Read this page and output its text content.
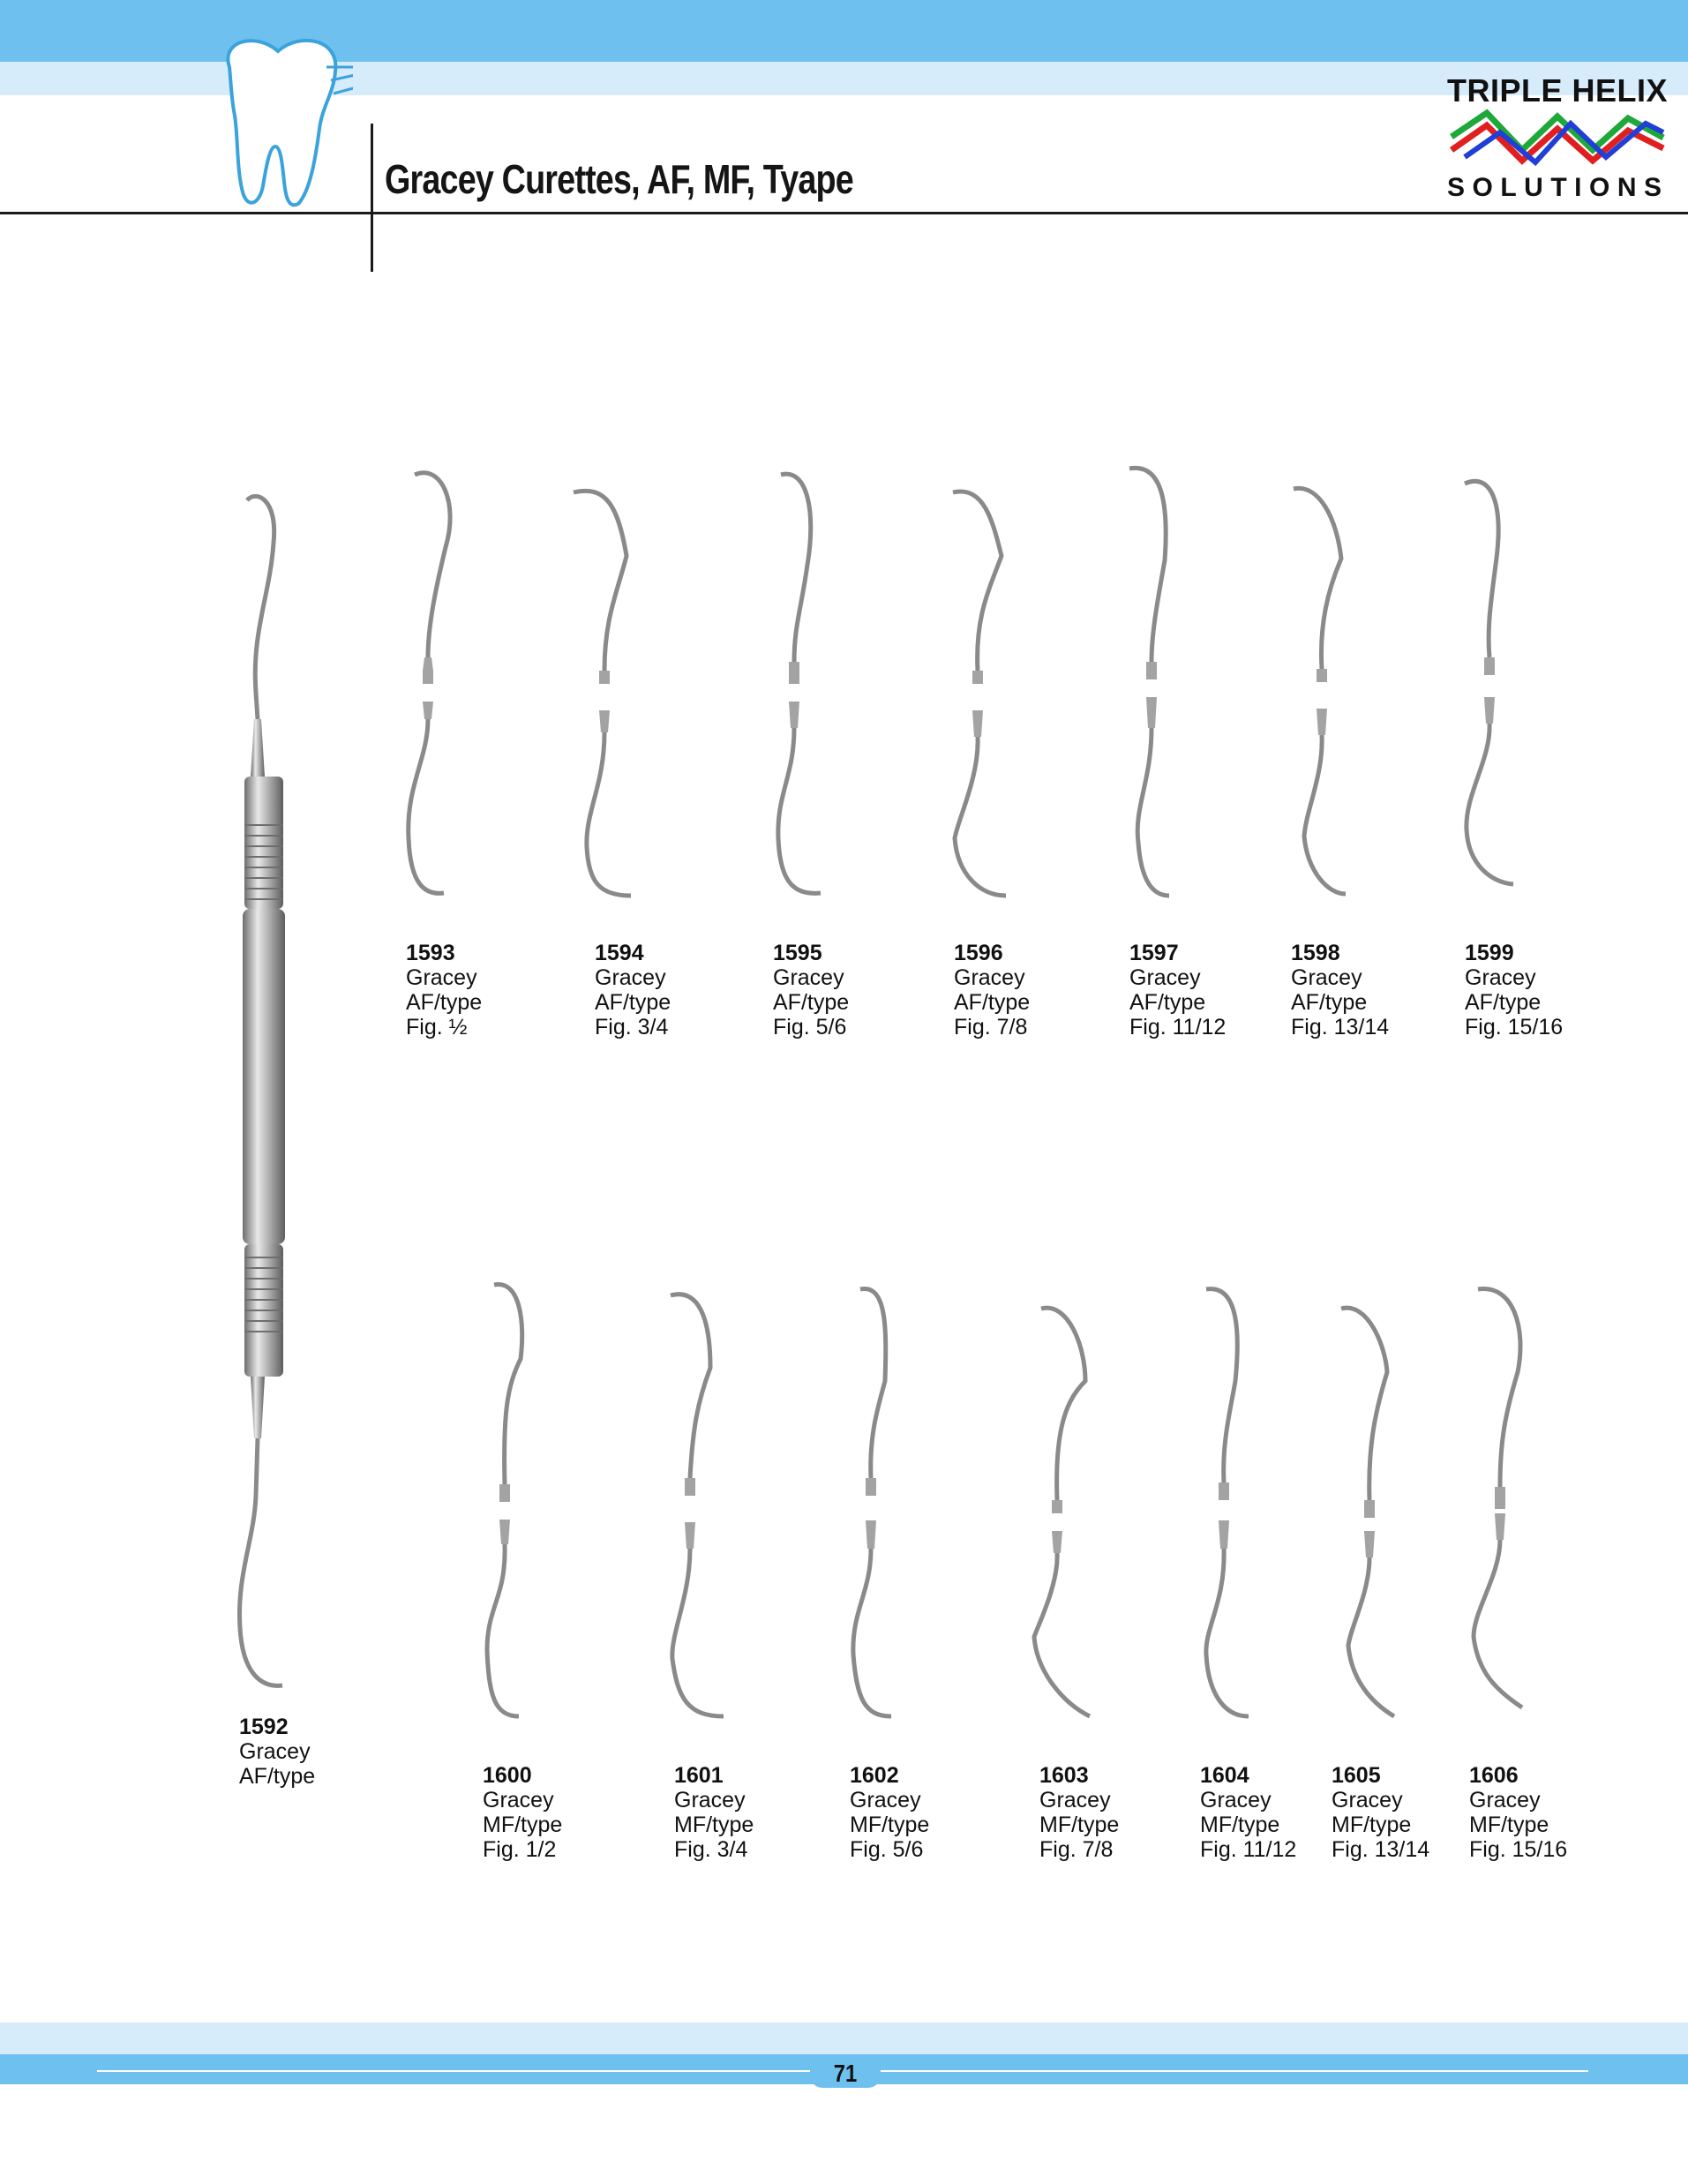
Gracey Curettes, AF, MF, Tyape
TRIPLE HELIX
SOLUTIONS
1592
Gracey
AF/type
1593
Gracey
AF/type
Fig. ½
1594
Gracey
AF/type
Fig. 3/4
1595
Gracey
AF/type
Fig. 5/6
1596
Gracey
AF/type
Fig. 7/8
1597
Gracey
AF/type
Fig. 11/12
1598
Gracey
AF/type
Fig. 13/14
1599
Gracey
AF/type
Fig. 15/16
1600
Gracey
MF/type
Fig. 1/2
1601
Gracey
MF/type
Fig. 3/4
1602
Gracey
MF/type
Fig. 5/6
1603
Gracey
MF/type
Fig. 7/8
1604
Gracey
MF/type
Fig. 11/12
1605
Gracey
MF/type
Fig. 13/14
1606
Gracey
MF/type
Fig. 15/16
71
